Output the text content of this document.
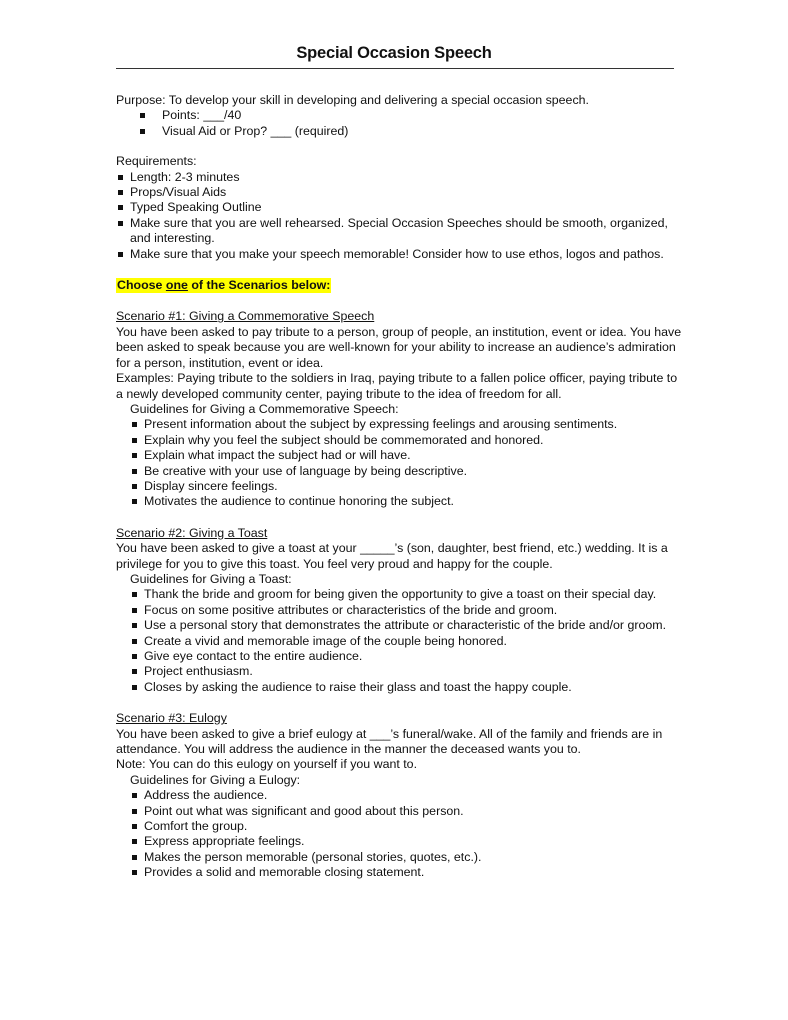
Special Occasion Speech

Purpose: To develop your skill in developing and delivering a special occasion speech.

Points: ___/40
Visual Aid or Prop? ___ (required)

Requirements:

Length: 2-3 minutes
Props/Visual Aids
Typed Speaking Outline
Make sure that you are well rehearsed. Special Occasion Speeches should be smooth, organized, and interesting.
Make sure that you make your speech memorable! Consider how to use ethos, logos and pathos.

Choose one of the Scenarios below:

Scenario #1: Giving a Commemorative Speech

You have been asked to pay tribute to a person, group of people, an institution, event or idea. You have been asked to speak because you are well-known for your ability to increase an audience’s admiration for a person, institution, event or idea.

Examples: Paying tribute to the soldiers in Iraq, paying tribute to a fallen police officer, paying tribute to a newly developed community center, paying tribute to the idea of freedom for all.

Guidelines for Giving a Commemorative Speech:

Present information about the subject by expressing feelings and arousing sentiments.
Explain why you feel the subject should be commemorated and honored.
Explain what impact the subject had or will have.
Be creative with your use of language by being descriptive.
Display sincere feelings.
Motivates the audience to continue honoring the subject.

Scenario #2: Giving a Toast

You have been asked to give a toast at your _____’s (son, daughter, best friend, etc.) wedding. It is a privilege for you to give this toast. You feel very proud and happy for the couple.

Guidelines for Giving a Toast:

Thank the bride and groom for being given the opportunity to give a toast on their special day.
Focus on some positive attributes or characteristics of the bride and groom.
Use a personal story that demonstrates the attribute or characteristic of the bride and/or groom.
Create a vivid and memorable image of the couple being honored.
Give eye contact to the entire audience.
Project enthusiasm.
Closes by asking the audience to raise their glass and toast the happy couple.

Scenario #3: Eulogy

You have been asked to give a brief eulogy at ___’s funeral/wake. All of the family and friends are in attendance. You will address the audience in the manner the deceased wants you to.

Note: You can do this eulogy on yourself if you want to.

Guidelines for Giving a Eulogy:

Address the audience.
Point out what was significant and good about this person.
Comfort the group.
Express appropriate feelings.
Makes the person memorable (personal stories, quotes, etc.).
Provides a solid and memorable closing statement.
